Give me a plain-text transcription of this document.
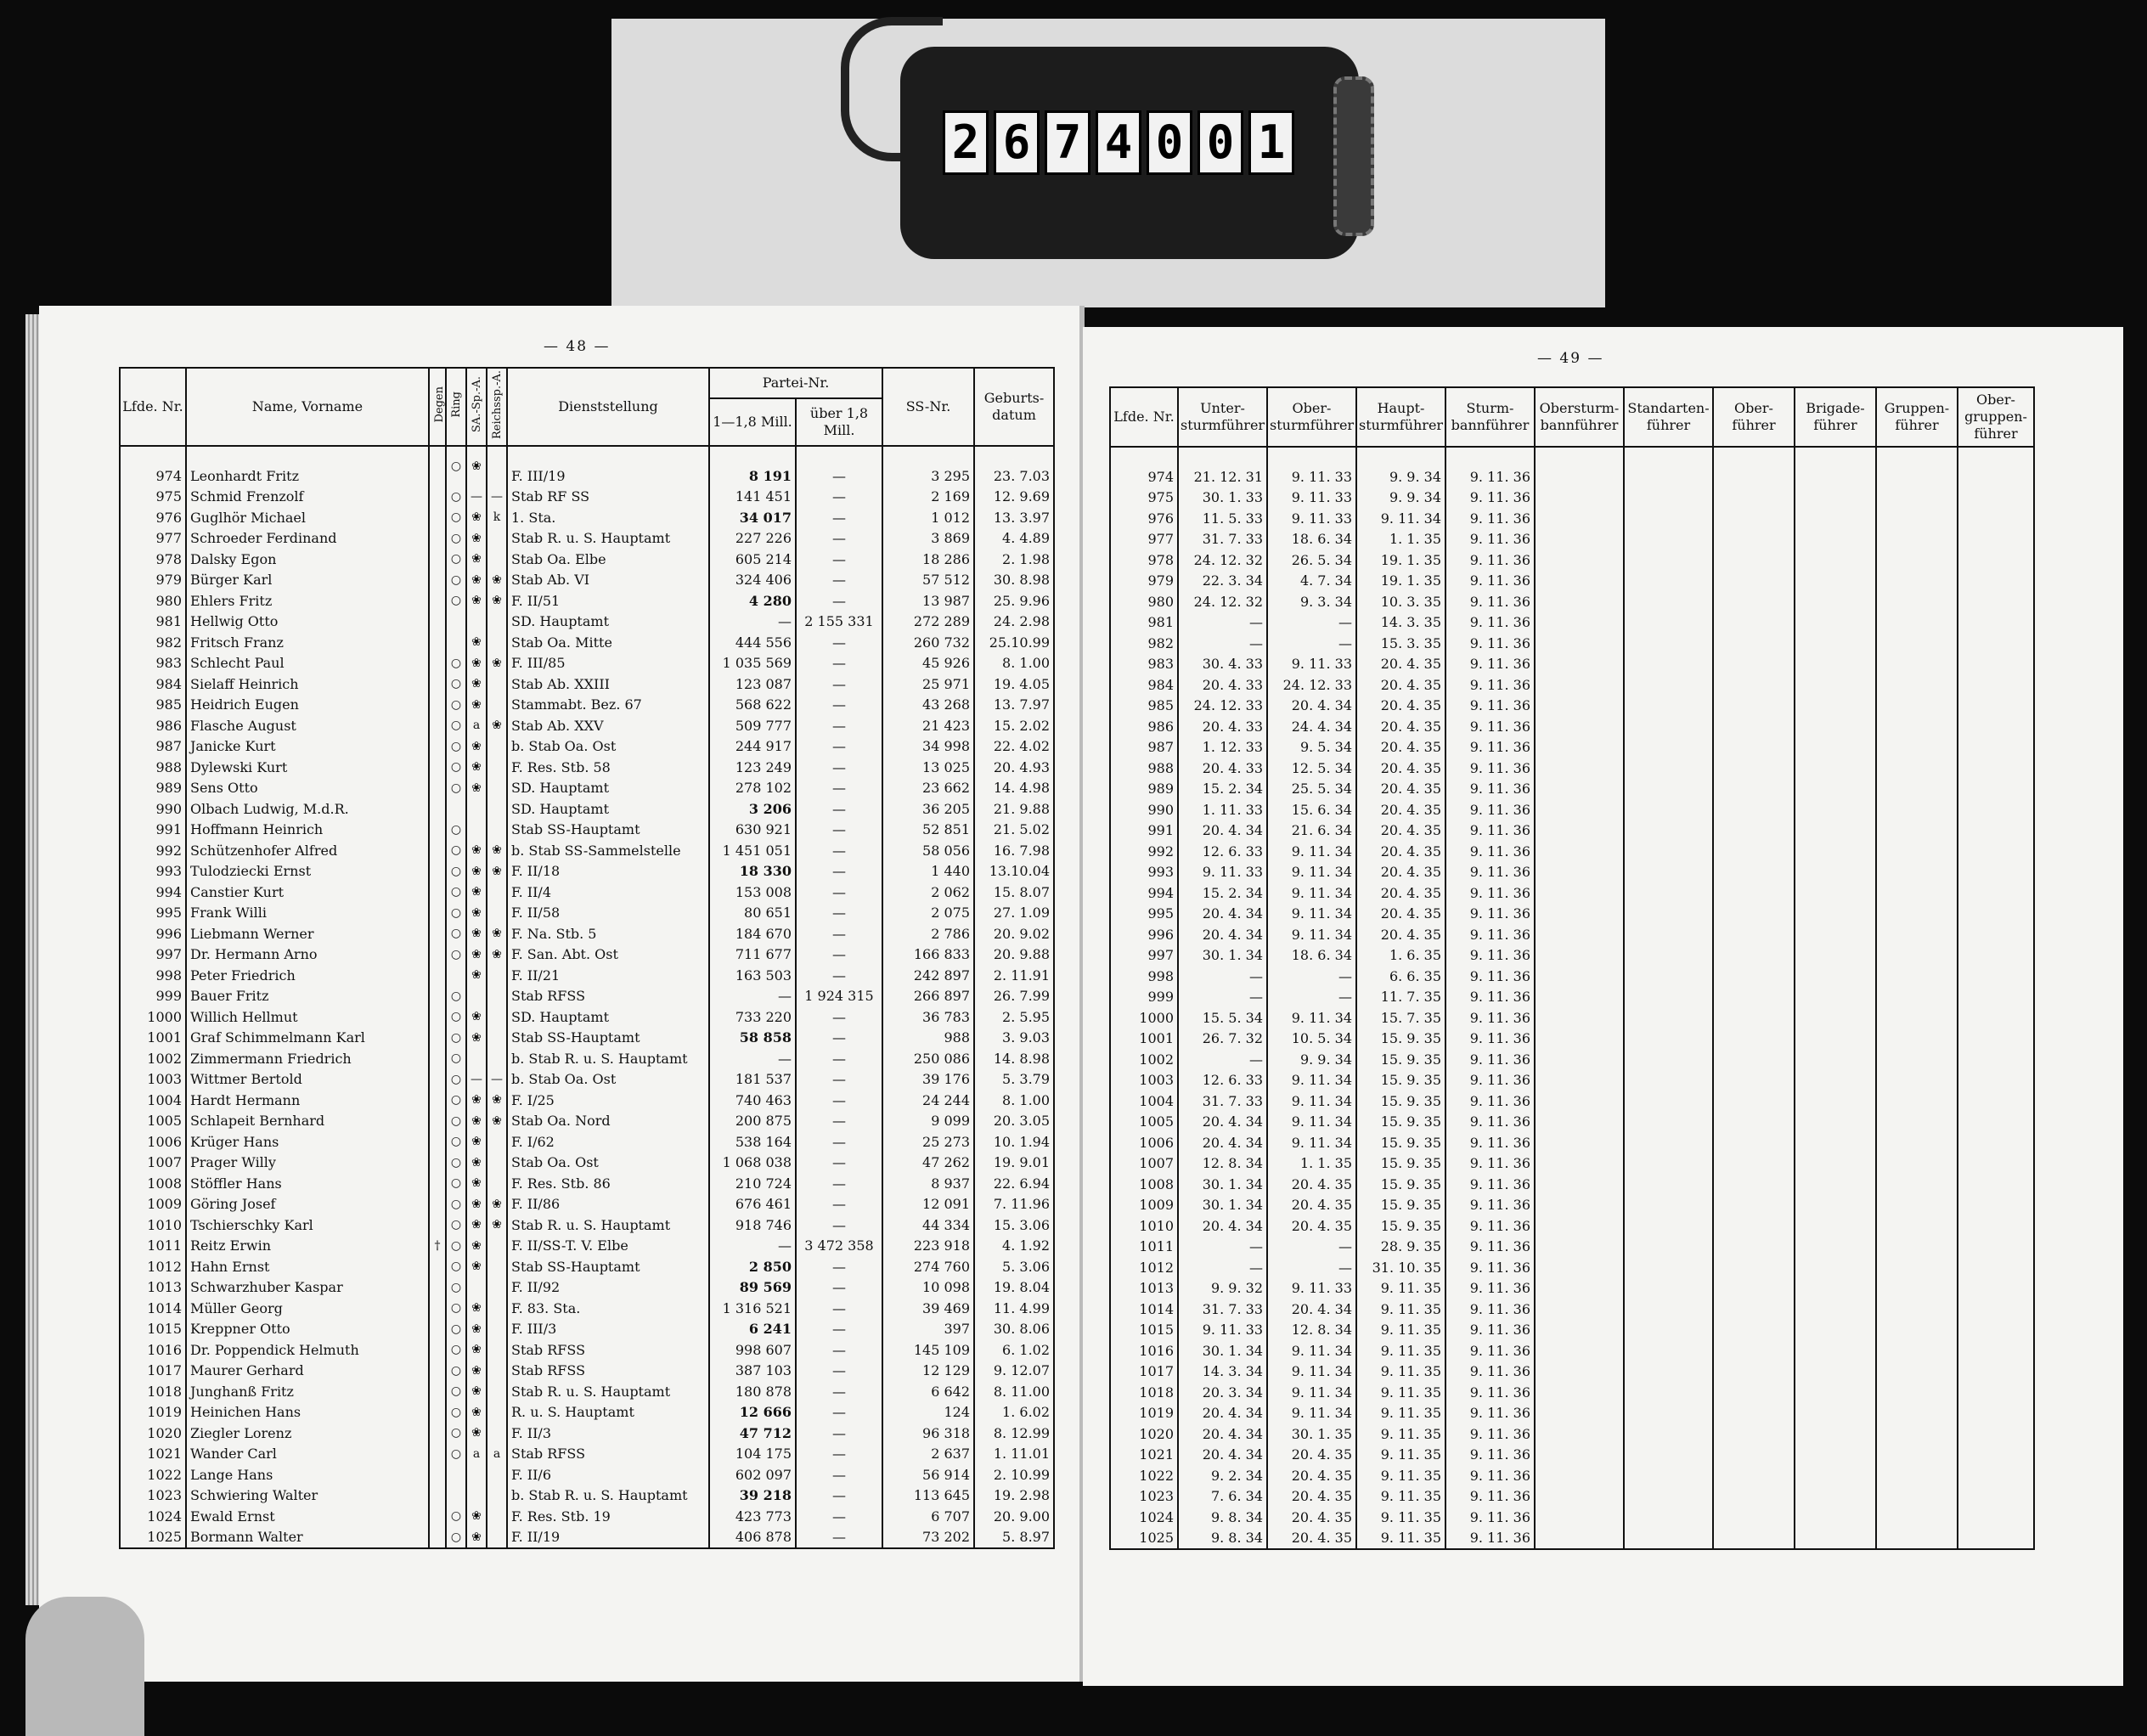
2 6 7 4 0 0 1
— 48 —
— 49 —
Lfde. Nr.	Name, Vorname	Degen	Ring	SA.-Sp.-A.	Reichssp.-A.	Dienststellung	Partei-Nr.		SS-Nr.	Geburts-datum
							1—1,8 Mill.	über 1,8 Mill.		
974	Leonhardt Fritz		○	❀		F. III/19	8 191	—	3 295	23. 7.03
975	Schmid Frenzolf		○	—	—	Stab RF SS	141 451	—	2 169	12. 9.69
976	Guglhör Michael		○	❀	k	1. Sta.	34 017	—	1 012	13. 3.97
977	Schroeder Ferdinand		○	❀		Stab R. u. S. Hauptamt	227 226	—	3 869	4. 4.89
978	Dalsky Egon		○	❀		Stab Oa. Elbe	605 214	—	18 286	2. 1.98
979	Bürger Karl		○	❀	❀	Stab Ab. VI	324 406	—	57 512	30. 8.98
980	Ehlers Fritz		○	❀	❀	F. II/51	4 280	—	13 987	25. 9.96
981	Hellwig Otto					SD. Hauptamt	—	2 155 331	272 289	24. 2.98
982	Fritsch Franz			❀		Stab Oa. Mitte	444 556	—	260 732	25.10.99
983	Schlecht Paul		○	❀	❀	F. III/85	1 035 569	—	45 926	8. 1.00
984	Sielaff Heinrich		○	❀		Stab Ab. XXIII	123 087	—	25 971	19. 4.05
985	Heidrich Eugen		○	❀		Stammabt. Bez. 67	568 622	—	43 268	13. 7.97
986	Flasche August		○	a	❀	Stab Ab. XXV	509 777	—	21 423	15. 2.02
987	Janicke Kurt		○	❀		b. Stab Oa. Ost	244 917	—	34 998	22. 4.02
988	Dylewski Kurt		○	❀		F. Res. Stb. 58	123 249	—	13 025	20. 4.93
989	Sens Otto		○	❀		SD. Hauptamt	278 102	—	23 662	14. 4.98
990	Olbach Ludwig, M.d.R.					SD. Hauptamt	3 206	—	36 205	21. 9.88
991	Hoffmann Heinrich		○			Stab SS-Hauptamt	630 921	—	52 851	21. 5.02
992	Schützenhofer Alfred		○	❀	❀	b. Stab SS-Sammelstelle	1 451 051	—	58 056	16. 7.98
993	Tulodziecki Ernst		○	❀	❀	F. II/18	18 330	—	1 440	13.10.04
994	Canstier Kurt		○	❀		F. II/4	153 008	—	2 062	15. 8.07
995	Frank Willi		○	❀		F. II/58	80 651	—	2 075	27. 1.09
996	Liebmann Werner		○	❀	❀	F. Na. Stb. 5	184 670	—	2 786	20. 9.02
997	Dr. Hermann Arno		○	❀	❀	F. San. Abt. Ost	711 677	—	166 833	20. 9.88
998	Peter Friedrich			❀		F. II/21	163 503	—	242 897	2. 11.91
999	Bauer Fritz		○			Stab RFSS	—	1 924 315	266 897	26. 7.99
1000	Willich Hellmut		○	❀		SD. Hauptamt	733 220	—	36 783	2. 5.95
1001	Graf Schimmelmann Karl		○	❀		Stab SS-Hauptamt	58 858	—	988	3. 9.03
1002	Zimmermann Friedrich		○			b. Stab R. u. S. Hauptamt	—	—	250 086	14. 8.98
1003	Wittmer Bertold		○	—	—	b. Stab Oa. Ost	181 537	—	39 176	5. 3.79
1004	Hardt Hermann		○	❀	❀	F. I/25	740 463	—	24 244	8. 1.00
1005	Schlapeit Bernhard		○	❀	❀	Stab Oa. Nord	200 875	—	9 099	20. 3.05
1006	Krüger Hans		○	❀		F. I/62	538 164	—	25 273	10. 1.94
1007	Prager Willy		○	❀		Stab Oa. Ost	1 068 038	—	47 262	19. 9.01
1008	Stöffler Hans		○	❀		F. Res. Stb. 86	210 724	—	8 937	22. 6.94
1009	Göring Josef		○	❀	❀	F. II/86	676 461	—	12 091	7. 11.96
1010	Tschierschky Karl		○	❀	❀	Stab R. u. S. Hauptamt	918 746	—	44 334	15. 3.06
1011	Reitz Erwin	†	○	❀		F. II/SS-T. V. Elbe	—	3 472 358	223 918	4. 1.92
1012	Hahn Ernst		○	❀		Stab SS-Hauptamt	2 850	—	274 760	5. 3.06
1013	Schwarzhuber Kaspar		○			F. II/92	89 569	—	10 098	19. 8.04
1014	Müller Georg		○	❀		F. 83. Sta.	1 316 521	—	39 469	11. 4.99
1015	Kreppner Otto		○	❀		F. III/3	6 241	—	397	30. 8.06
1016	Dr. Poppendick Helmuth		○	❀		Stab RFSS	998 607	—	145 109	6. 1.02
1017	Maurer Gerhard		○	❀		Stab RFSS	387 103	—	12 129	9. 12.07
1018	Junghanß Fritz		○	❀		Stab R. u. S. Hauptamt	180 878	—	6 642	8. 11.00
1019	Heinichen Hans		○	❀		R. u. S. Hauptamt	12 666	—	124	1. 6.02
1020	Ziegler Lorenz		○	❀		F. II/3	47 712	—	96 318	8. 12.99
1021	Wander Carl		○	a	a	Stab RFSS	104 175	—	2 637	1. 11.01
1022	Lange Hans					F. II/6	602 097	—	56 914	2. 10.99
1023	Schwiering Walter					b. Stab R. u. S. Hauptamt	39 218	—	113 645	19. 2.98
1024	Ewald Ernst		○	❀		F. Res. Stb. 19	423 773	—	6 707	20. 9.00
1025	Bormann Walter		○	❀		F. II/19	406 878	—	73 202	5. 8.97
Lfde. Nr.	Unter-sturmführer	Ober-sturmführer	Haupt-sturmführer	Sturm-bannführer	Obersturm-bannführer	Standarten-führer	Ober-führer	Brigade-führer	Gruppen-führer	Ober-gruppen-führer
974	21. 12. 31	9. 11. 33	9. 9. 34	9. 11. 36						
975	30. 1. 33	9. 11. 33	9. 9. 34	9. 11. 36						
976	11. 5. 33	9. 11. 33	9. 11. 34	9. 11. 36						
977	31. 7. 33	18. 6. 34	1. 1. 35	9. 11. 36						
978	24. 12. 32	26. 5. 34	19. 1. 35	9. 11. 36						
979	22. 3. 34	4. 7. 34	19. 1. 35	9. 11. 36						
980	24. 12. 32	9. 3. 34	10. 3. 35	9. 11. 36						
981	—	—	14. 3. 35	9. 11. 36						
982	—	—	15. 3. 35	9. 11. 36						
983	30. 4. 33	9. 11. 33	20. 4. 35	9. 11. 36						
984	20. 4. 33	24. 12. 33	20. 4. 35	9. 11. 36						
985	24. 12. 33	20. 4. 34	20. 4. 35	9. 11. 36						
986	20. 4. 33	24. 4. 34	20. 4. 35	9. 11. 36						
987	1. 12. 33	9. 5. 34	20. 4. 35	9. 11. 36						
988	20. 4. 33	12. 5. 34	20. 4. 35	9. 11. 36						
989	15. 2. 34	25. 5. 34	20. 4. 35	9. 11. 36						
990	1. 11. 33	15. 6. 34	20. 4. 35	9. 11. 36						
991	20. 4. 34	21. 6. 34	20. 4. 35	9. 11. 36						
992	12. 6. 33	9. 11. 34	20. 4. 35	9. 11. 36						
993	9. 11. 33	9. 11. 34	20. 4. 35	9. 11. 36						
994	15. 2. 34	9. 11. 34	20. 4. 35	9. 11. 36						
995	20. 4. 34	9. 11. 34	20. 4. 35	9. 11. 36						
996	20. 4. 34	9. 11. 34	20. 4. 35	9. 11. 36						
997	30. 1. 34	18. 6. 34	1. 6. 35	9. 11. 36						
998	—	—	6. 6. 35	9. 11. 36						
999	—	—	11. 7. 35	9. 11. 36						
1000	15. 5. 34	9. 11. 34	15. 7. 35	9. 11. 36						
1001	26. 7. 32	10. 5. 34	15. 9. 35	9. 11. 36						
1002	—	9. 9. 34	15. 9. 35	9. 11. 36						
1003	12. 6. 33	9. 11. 34	15. 9. 35	9. 11. 36						
1004	31. 7. 33	9. 11. 34	15. 9. 35	9. 11. 36						
1005	20. 4. 34	9. 11. 34	15. 9. 35	9. 11. 36						
1006	20. 4. 34	9. 11. 34	15. 9. 35	9. 11. 36						
1007	12. 8. 34	1. 1. 35	15. 9. 35	9. 11. 36						
1008	30. 1. 34	20. 4. 35	15. 9. 35	9. 11. 36						
1009	30. 1. 34	20. 4. 35	15. 9. 35	9. 11. 36						
1010	20. 4. 34	20. 4. 35	15. 9. 35	9. 11. 36						
1011	—	—	28. 9. 35	9. 11. 36						
1012	—	—	31. 10. 35	9. 11. 36						
1013	9. 9. 32	9. 11. 33	9. 11. 35	9. 11. 36						
1014	31. 7. 33	20. 4. 34	9. 11. 35	9. 11. 36						
1015	9. 11. 33	12. 8. 34	9. 11. 35	9. 11. 36						
1016	30. 1. 34	9. 11. 34	9. 11. 35	9. 11. 36						
1017	14. 3. 34	9. 11. 34	9. 11. 35	9. 11. 36						
1018	20. 3. 34	9. 11. 34	9. 11. 35	9. 11. 36						
1019	20. 4. 34	9. 11. 34	9. 11. 35	9. 11. 36						
1020	20. 4. 34	30. 1. 35	9. 11. 35	9. 11. 36						
1021	20. 4. 34	20. 4. 35	9. 11. 35	9. 11. 36						
1022	9. 2. 34	20. 4. 35	9. 11. 35	9. 11. 36						
1023	7. 6. 34	20. 4. 35	9. 11. 35	9. 11. 36						
1024	9. 8. 34	20. 4. 35	9. 11. 35	9. 11. 36						
1025	9. 8. 34	20. 4. 35	9. 11. 35	9. 11. 36						
